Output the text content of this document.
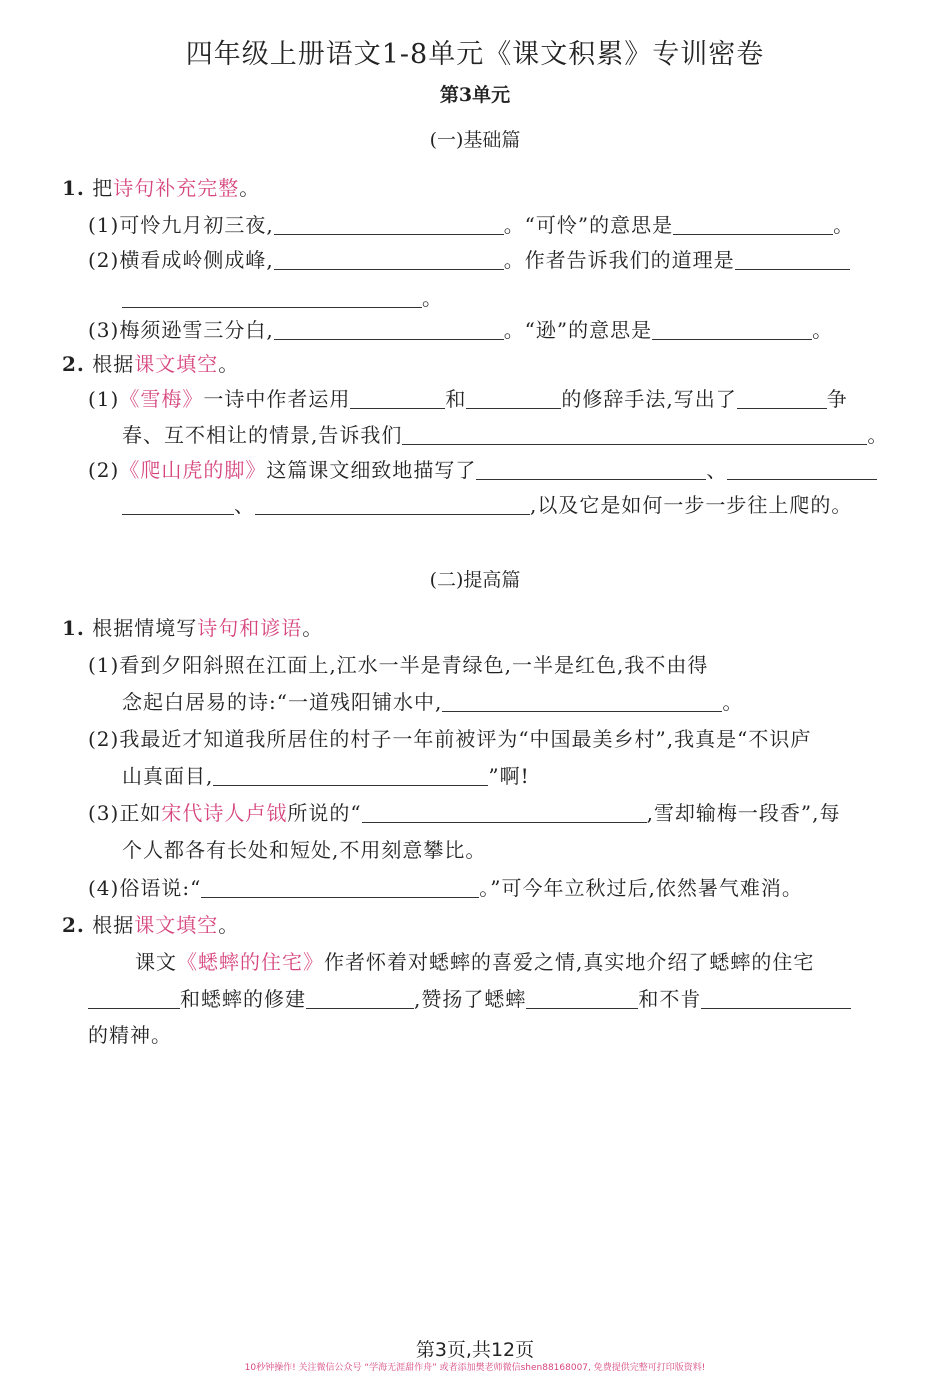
四年级上册语文1-8单元《课文积累》专训密卷
第3单元
(一)基础篇
1. 把诗句补充完整。
(1)可怜九月初三夜,	。“可怜”的意思是	。
(2)横看成岭侧成峰,	。作者告诉我们的道理是
。
(3)梅须逊雪三分白,	。“逊”的意思是	。
2. 根据课文填空。
(1)《雪梅》一诗中作者运用	和	的修辞手法,写出了	争
春、互不相让的情景,告诉我们	。
(2)《爬山虎的脚》这篇课文细致地描写了	、
、	,以及它是如何一步一步往上爬的。
(二)提高篇
1. 根据情境写诗句和谚语。
(1)看到夕阳斜照在江面上,江水一半是青绿色,一半是红色,我不由得
念起白居易的诗:“一道残阳铺水中,	。
(2)我最近才知道我所居住的村子一年前被评为“中国最美乡村”,我真是“不识庐
山真面目,	”啊!
(3)正如宋代诗人卢钺所说的“	,雪却输梅一段香”,每
个人都各有长处和短处,不用刻意攀比。
(4)俗语说:“	。”可今年立秋过后,依然暑气难消。
2. 根据课文填空。
课文《蟋蟀的住宅》作者怀着对蟋蟀的喜爱之情,真实地介绍了蟋蟀的住宅
和蟋蟀的修建	,赞扬了蟋蟀	和不肯
的精神。
第3页,共12页
10秒钟操作! 关注微信公众号 “学海无涯甜作舟” 或者添加樊老师微信shen88168007, 免费提供完整可打印版资料!
